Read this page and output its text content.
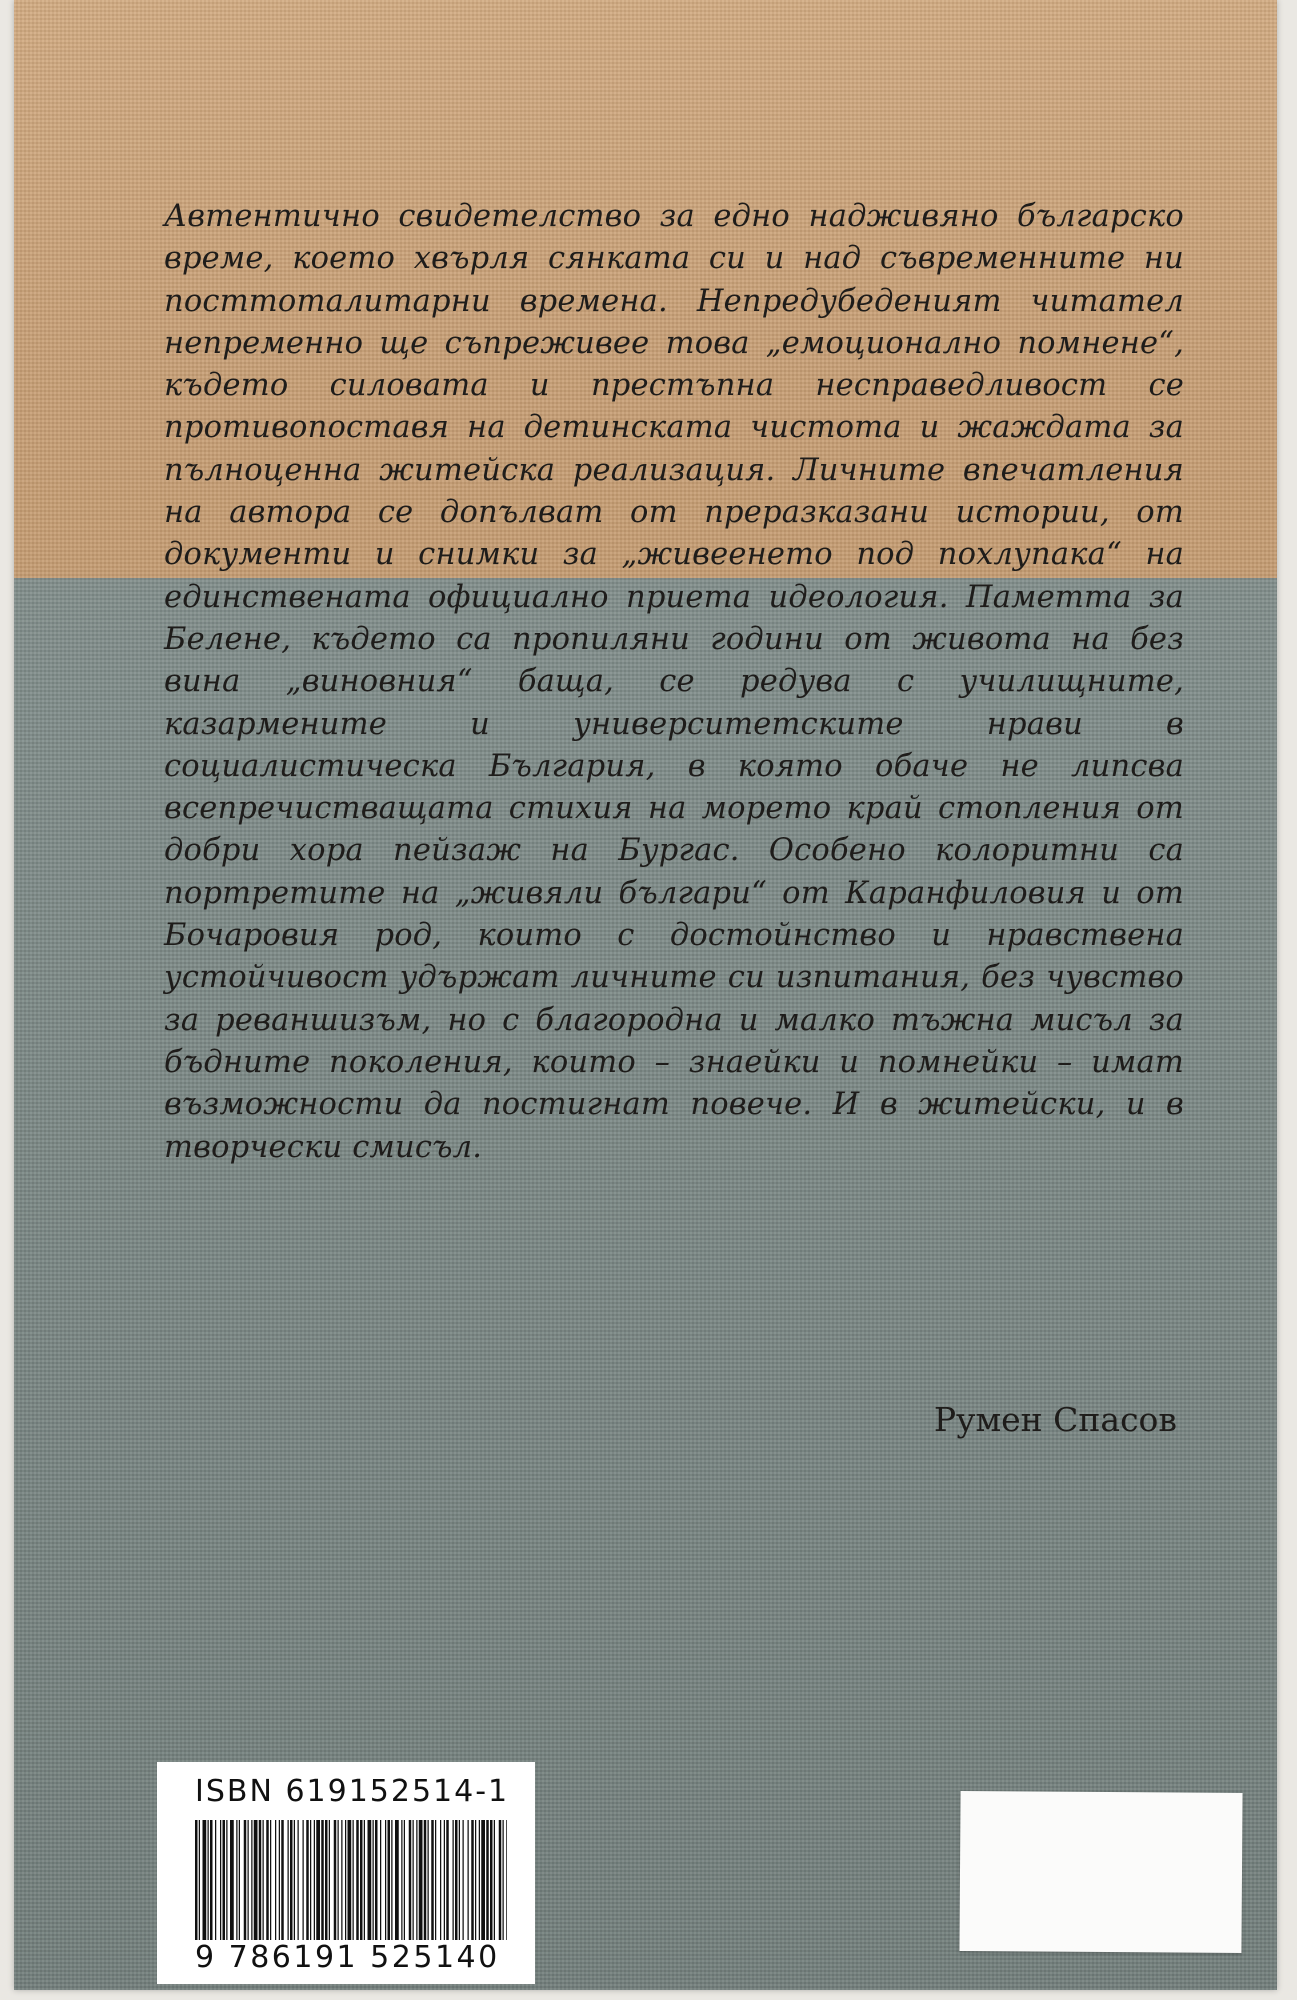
Автентично свидетелство за едно надживяно българско време, което хвърля сянката си и над съвременните ни посттоталитарни времена. Непредубеденият читател непременно ще съпреживее това „емоционално помнене“, където силовата и престъпна несправедливост се противопоставя на детинската чистота и жаждата за пълноценна житейска реализация. Личните впечатления на автора се допълват от преразказани истории, от документи и снимки за „живеенето под похлупака“ на единствената официално приета идеология. Паметта за Белене, където са пропиляни години от живота на без вина „виновния“ баща, се редува с училищните, казармените и университетските нрави в социалистическа България, в която обаче не липсва всепречистващата стихия на морето край стопления от добри хора пейзаж на Бургас. Особено колоритни са портретите на „живяли българи“ от Каранфиловия и от Бочаровия род, които с достойнство и нравствена устойчивост удържат личните си изпитания, без чувство за реваншизъм, но с благородна и малко тъжна мисъл за бъдните поколения, които – знаейки и помнейки – имат възможности да постигнат повече. И в житейски, и в творчески смисъл.

Румен Спасов
ISBN 619152514-1
9 786191 525140
